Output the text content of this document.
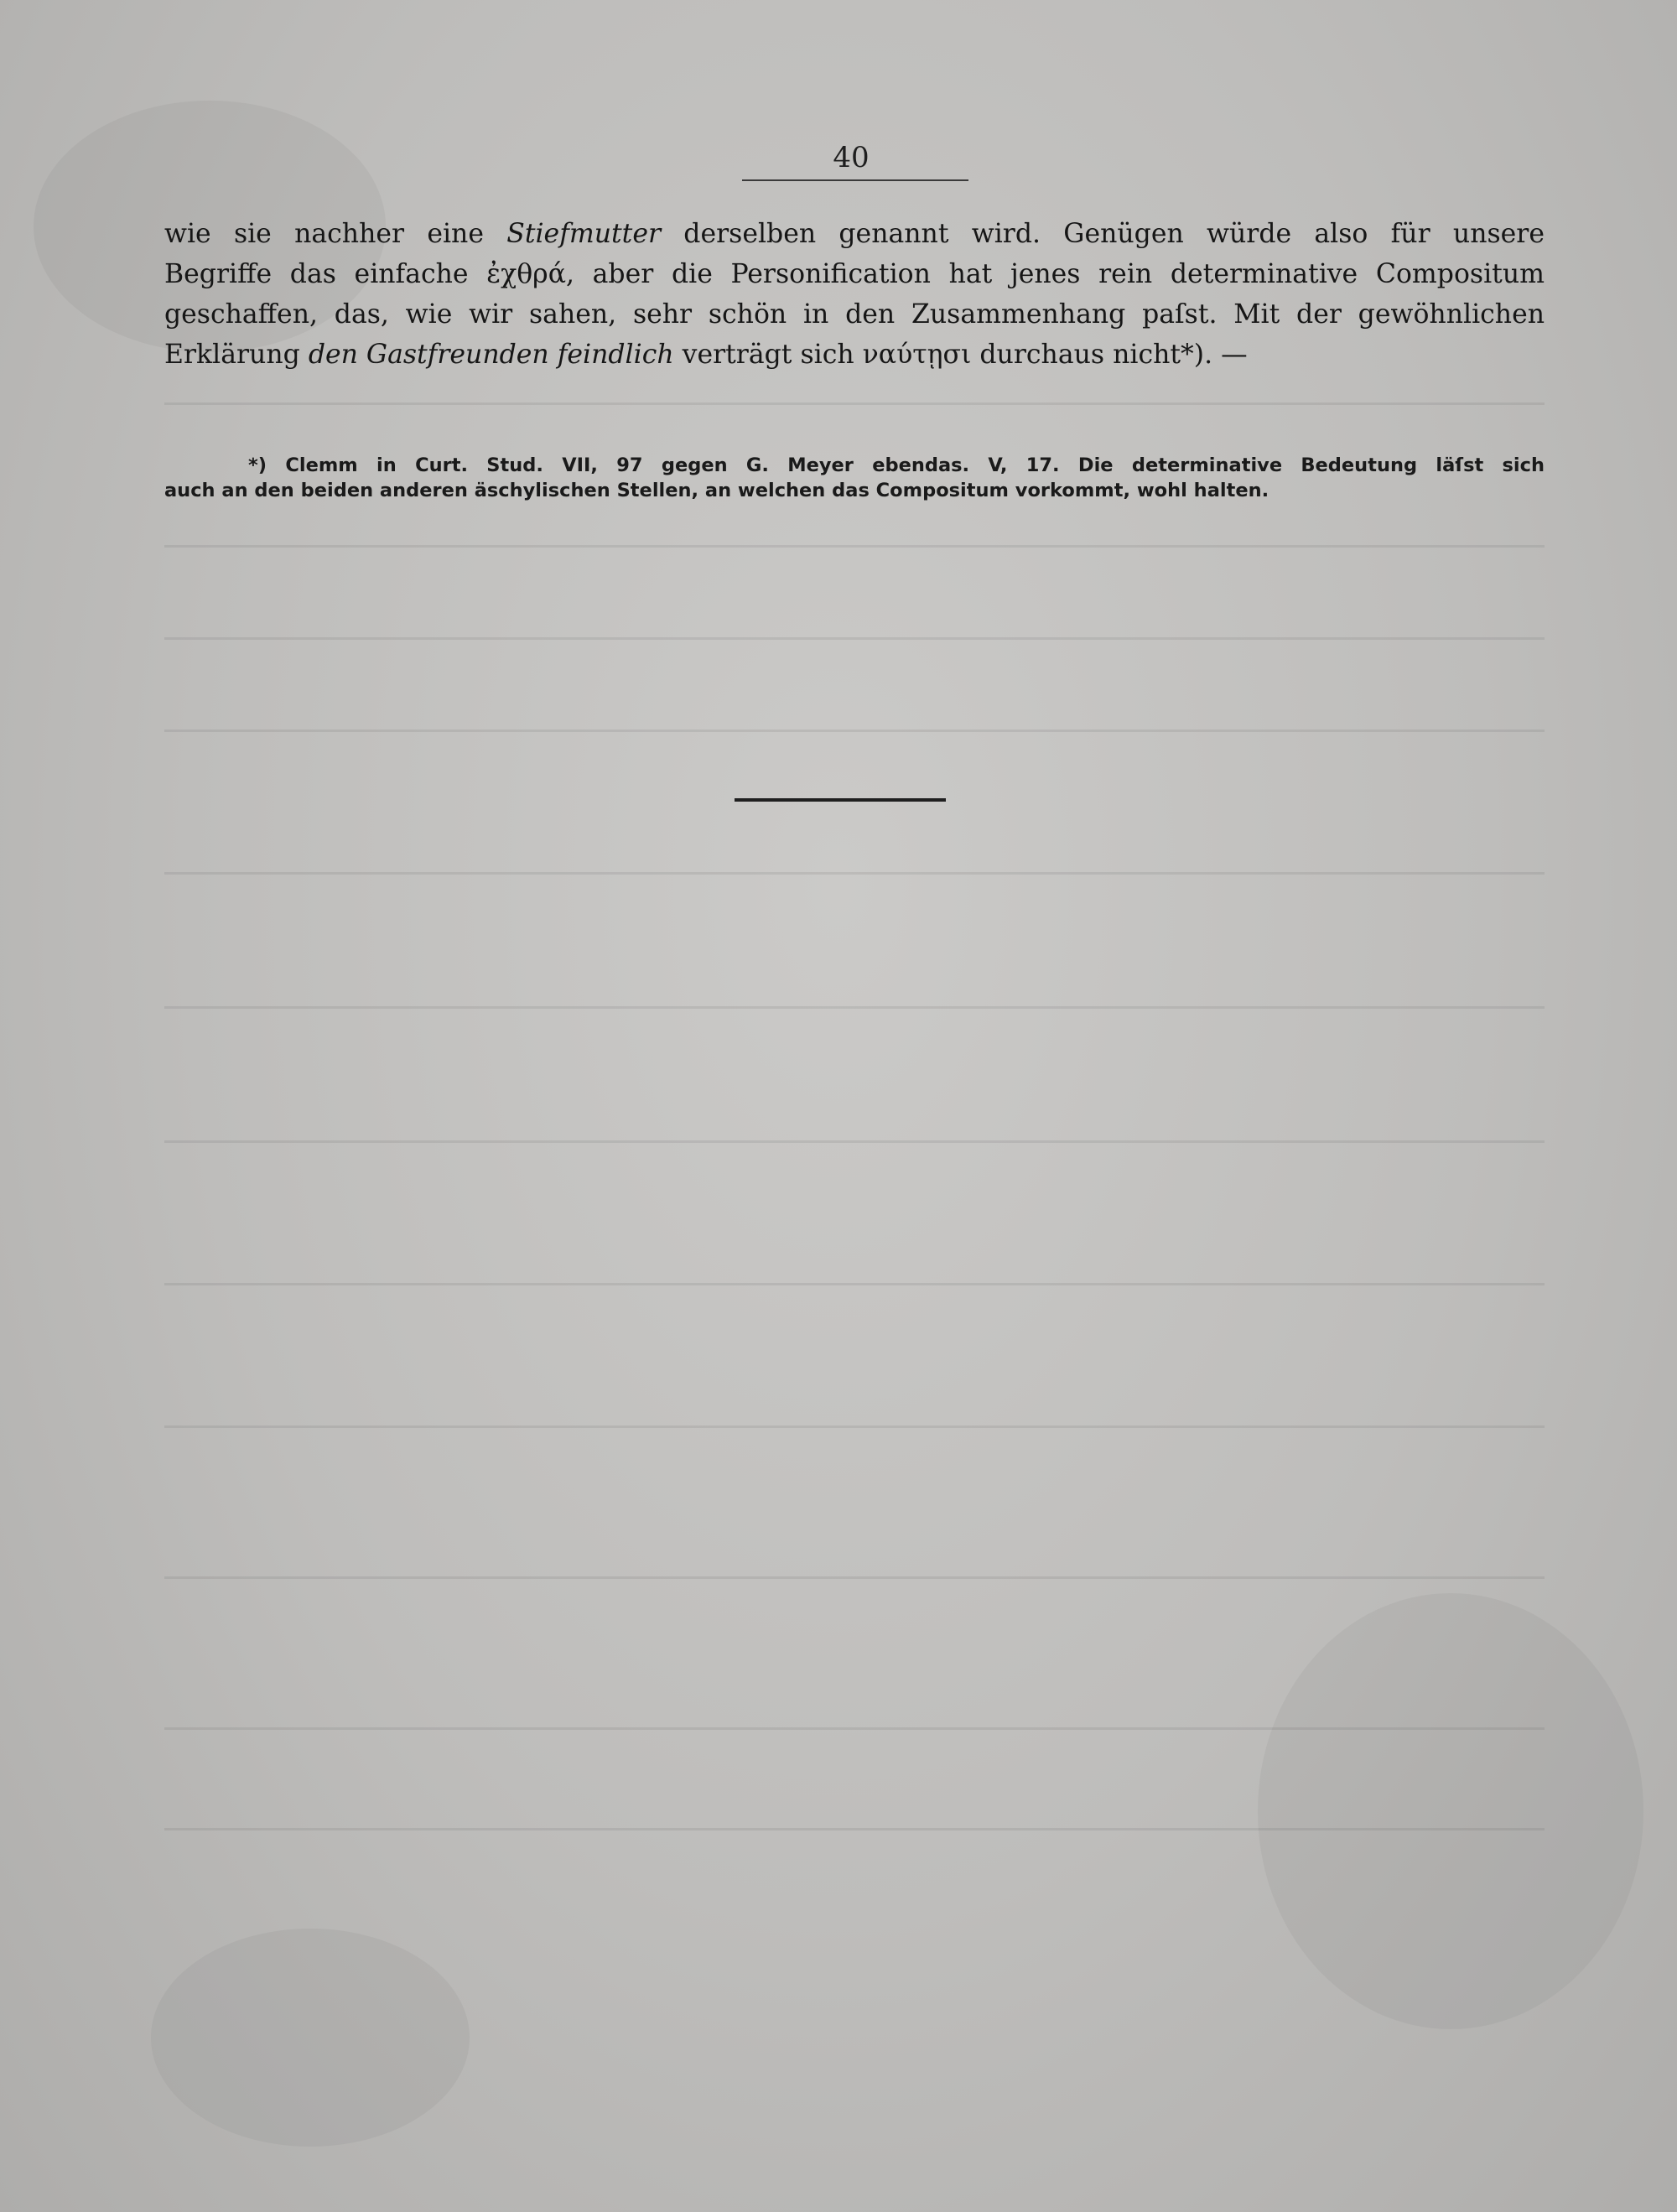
40
wie sie nachher eine Stiefmutter derselben genannt wird. Genügen würde also für unsere
Begriffe das einfache ἐχθρά, aber die Personification hat jenes rein determinative Compositum
geschaffen, das, wie wir sahen, sehr schön in den Zusammenhang paſst. Mit der gewöhnlichen
Erklärung den Gastfreunden feindlich verträgt sich ναύτῃσι durchaus nicht*). —
*) Clemm in Curt. Stud. VII, 97 gegen G. Meyer ebendas. V, 17. Die determinative Bedeutung läſst sich
auch an den beiden anderen äschylischen Stellen, an welchen das Compositum vorkommt, wohl halten.
